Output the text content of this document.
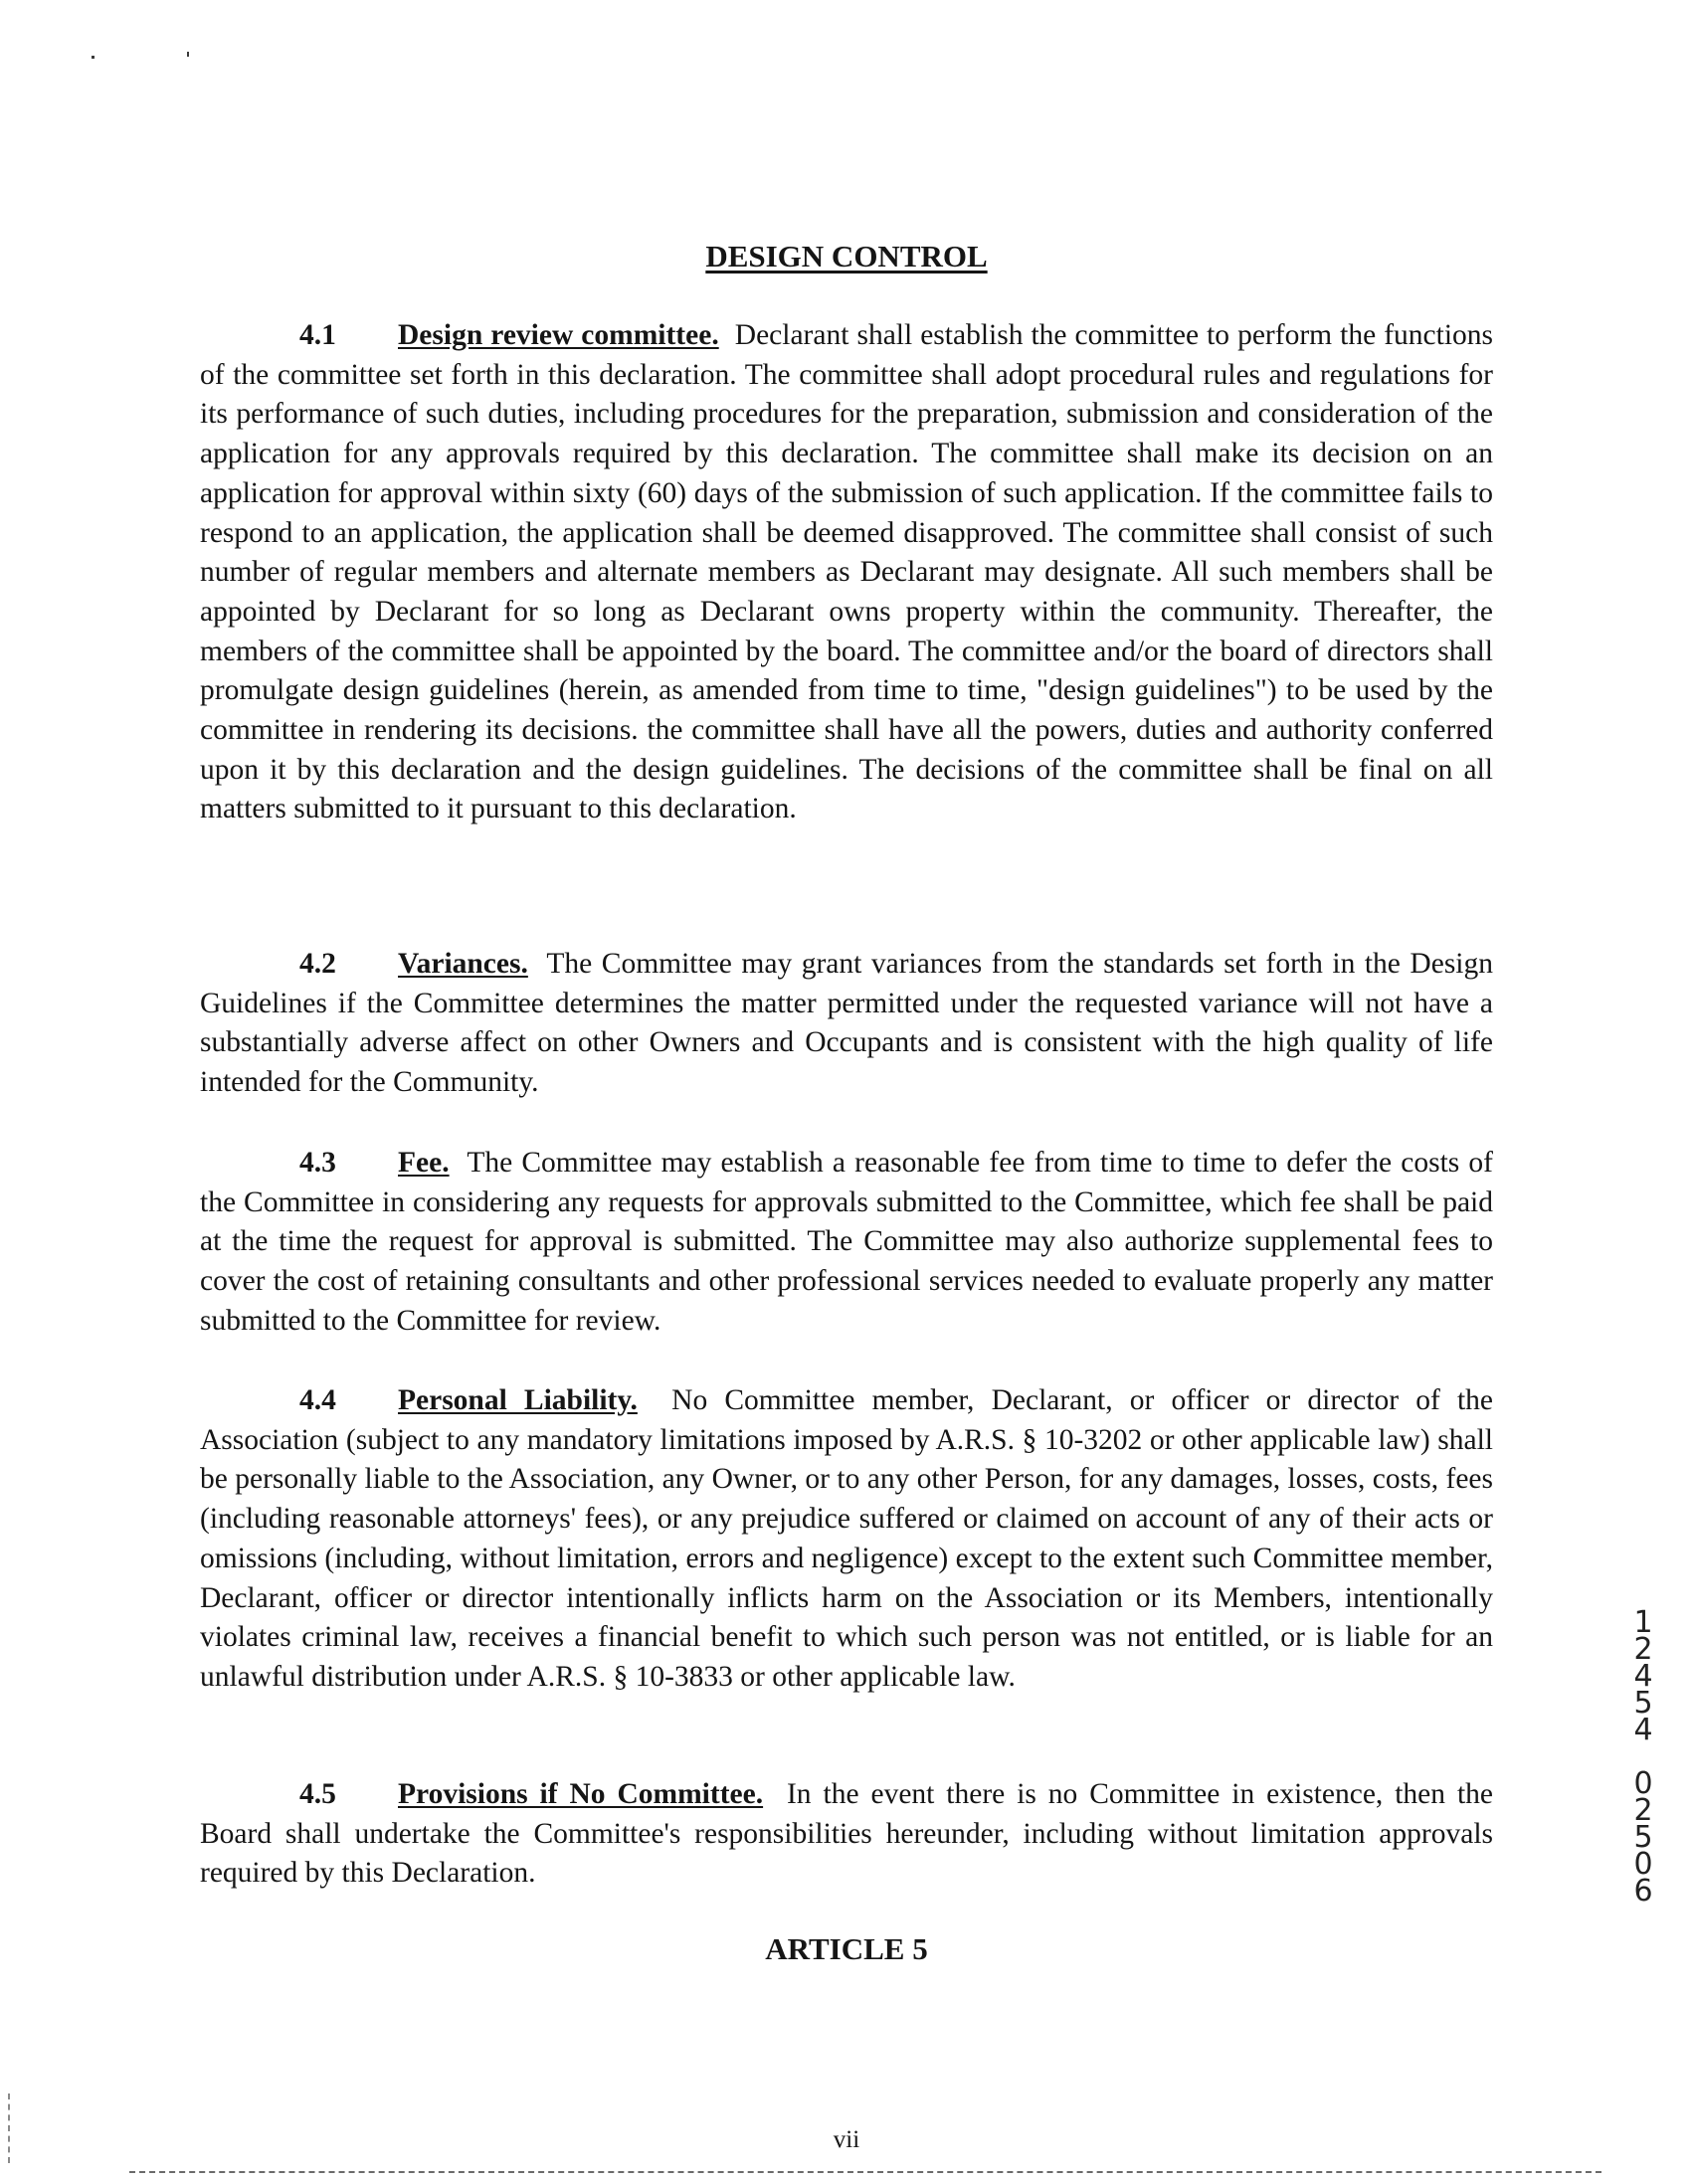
DESIGN CONTROL

4.1 Design review committee. Declarant shall establish the committee to perform the functions of the committee set forth in this declaration. The committee shall adopt procedural rules and regulations for its performance of such duties, including procedures for the preparation, submission and consideration of the application for any approvals required by this declaration. The committee shall make its decision on an application for approval within sixty (60) days of the submission of such application. If the committee fails to respond to an application, the application shall be deemed disapproved. The committee shall consist of such number of regular members and alternate members as Declarant may designate. All such members shall be appointed by Declarant for so long as Declarant owns property within the community. Thereafter, the members of the committee shall be appointed by the board. The committee and/or the board of directors shall promulgate design guidelines (herein, as amended from time to time, "design guidelines") to be used by the committee in rendering its decisions. the committee shall have all the powers, duties and authority conferred upon it by this declaration and the design guidelines. The decisions of the committee shall be final on all matters submitted to it pursuant to this declaration.

4.2 Variances. The Committee may grant variances from the standards set forth in the Design Guidelines if the Committee determines the matter permitted under the requested variance will not have a substantially adverse affect on other Owners and Occupants and is consistent with the high quality of life intended for the Community.

4.3 Fee. The Committee may establish a reasonable fee from time to time to defer the costs of the Committee in considering any requests for approvals submitted to the Committee, which fee shall be paid at the time the request for approval is submitted. The Committee may also authorize supplemental fees to cover the cost of retaining consultants and other professional services needed to evaluate properly any matter submitted to the Committee for review.

4.4 Personal Liability. No Committee member, Declarant, or officer or director of the Association (subject to any mandatory limitations imposed by A.R.S. § 10-3202 or other applicable law) shall be personally liable to the Association, any Owner, or to any other Person, for any damages, losses, costs, fees (including reasonable attorneys' fees), or any prejudice suffered or claimed on account of any of their acts or omissions (including, without limitation, errors and negligence) except to the extent such Committee member, Declarant, officer or director intentionally inflicts harm on the Association or its Members, intentionally violates criminal law, receives a financial benefit to which such person was not entitled, or is liable for an unlawful distribution under A.R.S. § 10-3833 or other applicable law.

4.5 Provisions if No Committee. In the event there is no Committee in existence, then the Board shall undertake the Committee's responsibilities hereunder, including without limitation approvals required by this Declaration.

ARTICLE 5
1
2
4
5
4

0
2
5
0
6
vii
